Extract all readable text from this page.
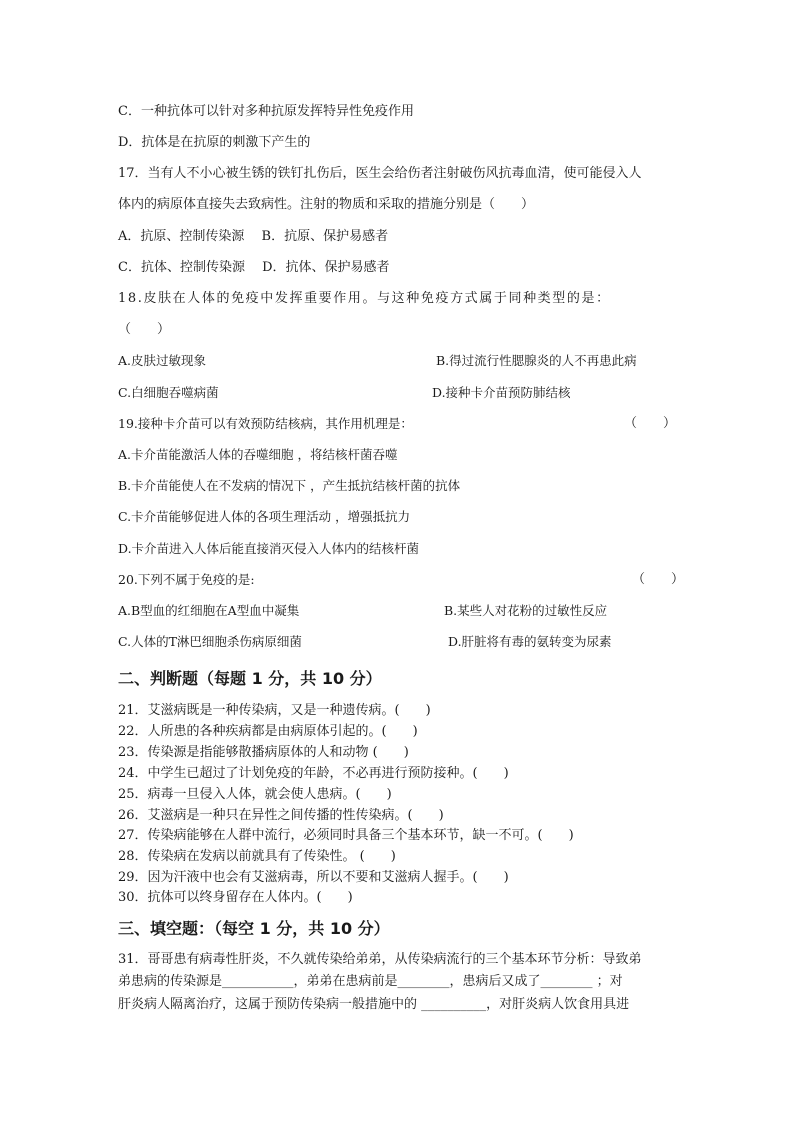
C．一种抗体可以针对多种抗原发挥特异性免疫作用
D．抗体是在抗原的刺激下产生的
17．当有人不小心被生锈的铁钉扎伤后，医生会给伤者注射破伤风抗毒血清，使可能侵入人
体内的病原体直接失去致病性。注射的物质和采取的措施分别是（　　）
A．抗原、控制传染源　 B．抗原、保护易感者
C．抗体、控制传染源　 D．抗体、保护易感者
18.皮肤在人体的免疫中发挥重要作用。与这种免疫方式属于同种类型的是：
（　　）
A.皮肤过敏现象	B.得过流行性腮腺炎的人不再患此病
C.白细胞吞噬病菌	D.接种卡介苗预防肺结核
19.接种卡介苗可以有效预防结核病，其作用机理是：	（　　）
A.卡介苗能激活人体的吞噬细胞 ，将结核杆菌吞噬
B.卡介苗能使人在不发病的情况下 ，产生抵抗结核杆菌的抗体
C.卡介苗能够促进人体的各项生理活动 ，增强抵抗力
D.卡介苗进入人体后能直接消灭侵入人体内的结核杆菌
20.下列不属于免疫的是:	（　　）
A.B型血的红细胞在A型血中凝集	B.某些人对花粉的过敏性反应
C.人体的T淋巴细胞杀伤病原细菌	D.肝脏将有毒的氨转变为尿素
二、判断题（每题 1 分，共 10 分）
21．艾滋病既是一种传染病，又是一种遗传病。(　　)
22．人所患的各种疾病都是由病原体引起的。(　　)
23．传染源是指能够散播病原体的人和动物 (　　)
24．中学生已超过了计划免疫的年龄，不必再进行预防接种。(　　)
25．病毒一旦侵入人体，就会使人患病。(　　)
26．艾滋病是一种只在异性之间传播的性传染病。(　　)
27．传染病能够在人群中流行，必须同时具备三个基本环节，缺一不可。(　　)
28．传染病在发病以前就具有了传染性。 (　　)
29．因为汗液中也会有艾滋病毒，所以不要和艾滋病人握手。(　　)
30．抗体可以终身留存在人体内。(　　)
三、填空题：（每空 1 分，共 10 分）
31．哥哥患有病毒性肝炎，不久就传染给弟弟，从传染病流行的三个基本环节分析：导致弟
弟患病的传染源是___________，弟弟在患病前是________，患病后又成了________ ；对
肝炎病人隔离治疗，这属于预防传染病一般措施中的 __________，对肝炎病人饮食用具进
